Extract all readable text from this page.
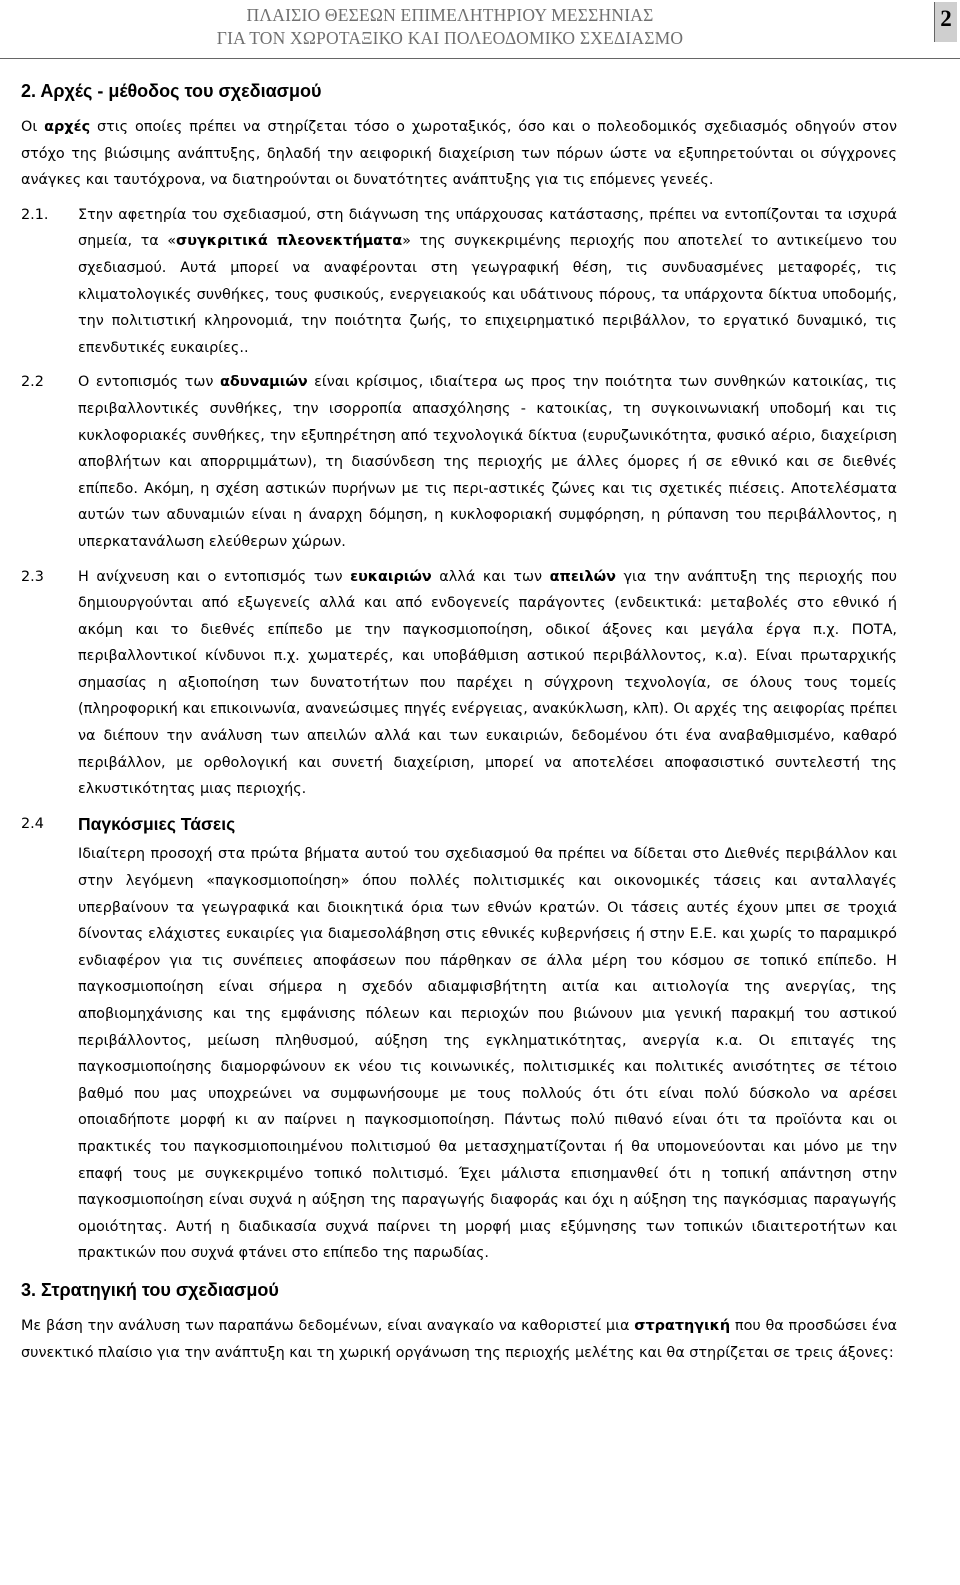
ΠΛΑΙΣΙΟ ΘΕΣΕΩΝ ΕΠΙΜΕΛΗΤΗΡΙΟΥ ΜΕΣΣΗΝΙΑΣ
ΓΙΑ ΤΟΝ ΧΩΡΟΤΑΞΙΚΟ ΚΑΙ ΠΟΛΕΟΔΟΜΙΚΟ ΣΧΕΔΙΑΣΜΟ
2
2. Αρχές - μέθοδος του σχεδιασμού

Οι αρχές στις οποίες πρέπει να στηρίζεται τόσο ο χωροταξικός, όσο και ο πολεοδομικός σχεδιασμός οδηγούν στον στόχο της βιώσιμης ανάπτυξης, δηλαδή την αειφορική διαχείριση των πόρων ώστε να εξυπηρετούνται οι σύγχρονες ανάγκες και ταυτόχρονα, να διατηρούνται οι δυνατότητες ανάπτυξης για τις επόμενες γενεές.

2.1.	Στην αφετηρία του σχεδιασμού, στη διάγνωση της υπάρχουσας κατάστασης, πρέπει να εντοπίζονται τα ισχυρά σημεία, τα «συγκριτικά πλεονεκτήματα» της συγκεκριμένης περιοχής που αποτελεί το αντικείμενο του σχεδιασμού. Αυτά μπορεί να αναφέρονται στη γεωγραφική θέση, τις συνδυασμένες μεταφορές, τις κλιματολογικές συνθήκες, τους φυσικούς, ενεργειακούς και υδάτινους πόρους, τα υπάρχοντα δίκτυα υποδομής, την πολιτιστική κληρονομιά, την ποιότητα ζωής, το επιχειρηματικό περιβάλλον, το εργατικό δυναμικό, τις επενδυτικές ευκαιρίες..

2.2	Ο εντοπισμός των αδυναμιών είναι κρίσιμος, ιδιαίτερα ως προς την ποιότητα των συνθηκών κατοικίας, τις περιβαλλοντικές συνθήκες, την ισορροπία απασχόλησης - κατοικίας, τη συγκοινωνιακή υποδομή και τις κυκλοφοριακές συνθήκες, την εξυπηρέτηση από τεχνολογικά δίκτυα (ευρυζωνικότητα, φυσικό αέριο, διαχείριση αποβλήτων και απορριμμάτων), τη διασύνδεση της περιοχής με άλλες όμορες ή σε εθνικό και σε διεθνές επίπεδο. Ακόμη, η σχέση αστικών πυρήνων με τις περι-αστικές ζώνες και τις σχετικές πιέσεις. Αποτελέσματα αυτών των αδυναμιών είναι η άναρχη δόμηση, η κυκλοφοριακή συμφόρηση, η ρύπανση του περιβάλλοντος, η υπερκατανάλωση ελεύθερων χώρων.

2.3	Η ανίχνευση και ο εντοπισμός των ευκαιριών αλλά και των απειλών για την ανάπτυξη της περιοχής που δημιουργούνται από εξωγενείς αλλά και από ενδογενείς παράγοντες (ενδεικτικά: μεταβολές στο εθνικό ή ακόμη και το διεθνές επίπεδο με την παγκοσμιοποίηση, οδικοί άξονες και μεγάλα έργα π.χ. ΠΟΤΑ, περιβαλλοντικοί κίνδυνοι π.χ. χωματερές, και υποβάθμιση αστικού περιβάλλοντος, κ.α). Είναι πρωταρχικής σημασίας η αξιοποίηση των δυνατοτήτων που παρέχει η σύγχρονη τεχνολογία, σε όλους τους τομείς (πληροφορική και επικοινωνία, ανανεώσιμες πηγές ενέργειας, ανακύκλωση, κλπ). Οι αρχές της αειφορίας πρέπει να διέπουν την ανάλυση των απειλών αλλά και των ευκαιριών, δεδομένου ότι ένα αναβαθμισμένο, καθαρό περιβάλλον, με ορθολογική και συνετή διαχείριση, μπορεί να αποτελέσει αποφασιστικό συντελεστή της ελκυστικότητας μιας περιοχής.

2.4	Παγκόσμιες Τάσεις

Ιδιαίτερη προσοχή στα πρώτα βήματα αυτού του σχεδιασμού θα πρέπει να δίδεται στο Διεθνές περιβάλλον και στην λεγόμενη «παγκοσμιοποίηση» όπου πολλές πολιτισμικές και οικονομικές τάσεις και ανταλλαγές υπερβαίνουν τα γεωγραφικά και διοικητικά όρια των εθνών κρατών. Οι τάσεις αυτές έχουν μπει σε τροχιά δίνοντας ελάχιστες ευκαιρίες για διαμεσολάβηση στις εθνικές κυβερνήσεις ή στην Ε.Ε. και χωρίς το παραμικρό ενδιαφέρον για τις συνέπειες αποφάσεων που πάρθηκαν σε άλλα μέρη του κόσμου σε τοπικό επίπεδο. Η παγκοσμιοποίηση είναι σήμερα η σχεδόν αδιαμφισβήτητη αιτία και αιτιολογία της ανεργίας, της αποβιομηχάνισης και της εμφάνισης πόλεων και περιοχών που βιώνουν μια γενική παρακμή του αστικού περιβάλλοντος, μείωση πληθυσμού, αύξηση της εγκληματικότητας, ανεργία κ.α. Οι επιταγές της παγκοσμιοποίησης διαμορφώνουν εκ νέου τις κοινωνικές, πολιτισμικές και πολιτικές ανισότητες σε τέτοιο βαθμό που μας υποχρεώνει να συμφωνήσουμε με τους πολλούς ότι ότι είναι πολύ δύσκολο να αρέσει οποιαδήποτε μορφή κι αν παίρνει η παγκοσμιοποίηση. Πάντως πολύ πιθανό είναι ότι τα προϊόντα και οι πρακτικές του παγκοσμιοποιημένου πολιτισμού θα μετασχηματίζονται ή θα υπομονεύονται και μόνο με την επαφή τους με συγκεκριμένο τοπικό πολιτισμό. Έχει μάλιστα επισημανθεί ότι η τοπική απάντηση στην παγκοσμιοποίηση είναι συχνά η αύξηση της παραγωγής διαφοράς και όχι η αύξηση της παγκόσμιας παραγωγής ομοιότητας. Αυτή η διαδικασία συχνά παίρνει τη μορφή μιας εξύμνησης των τοπικών ιδιαιτεροτήτων και πρακτικών που συχνά φτάνει στο επίπεδο της παρωδίας.

3. Στρατηγική του σχεδιασμού

Με βάση την ανάλυση των παραπάνω δεδομένων, είναι αναγκαίο να καθοριστεί μια στρατηγική που θα προσδώσει ένα συνεκτικό πλαίσιο για την ανάπτυξη και τη χωρική οργάνωση της περιοχής μελέτης και θα στηρίζεται σε τρεις άξονες:
